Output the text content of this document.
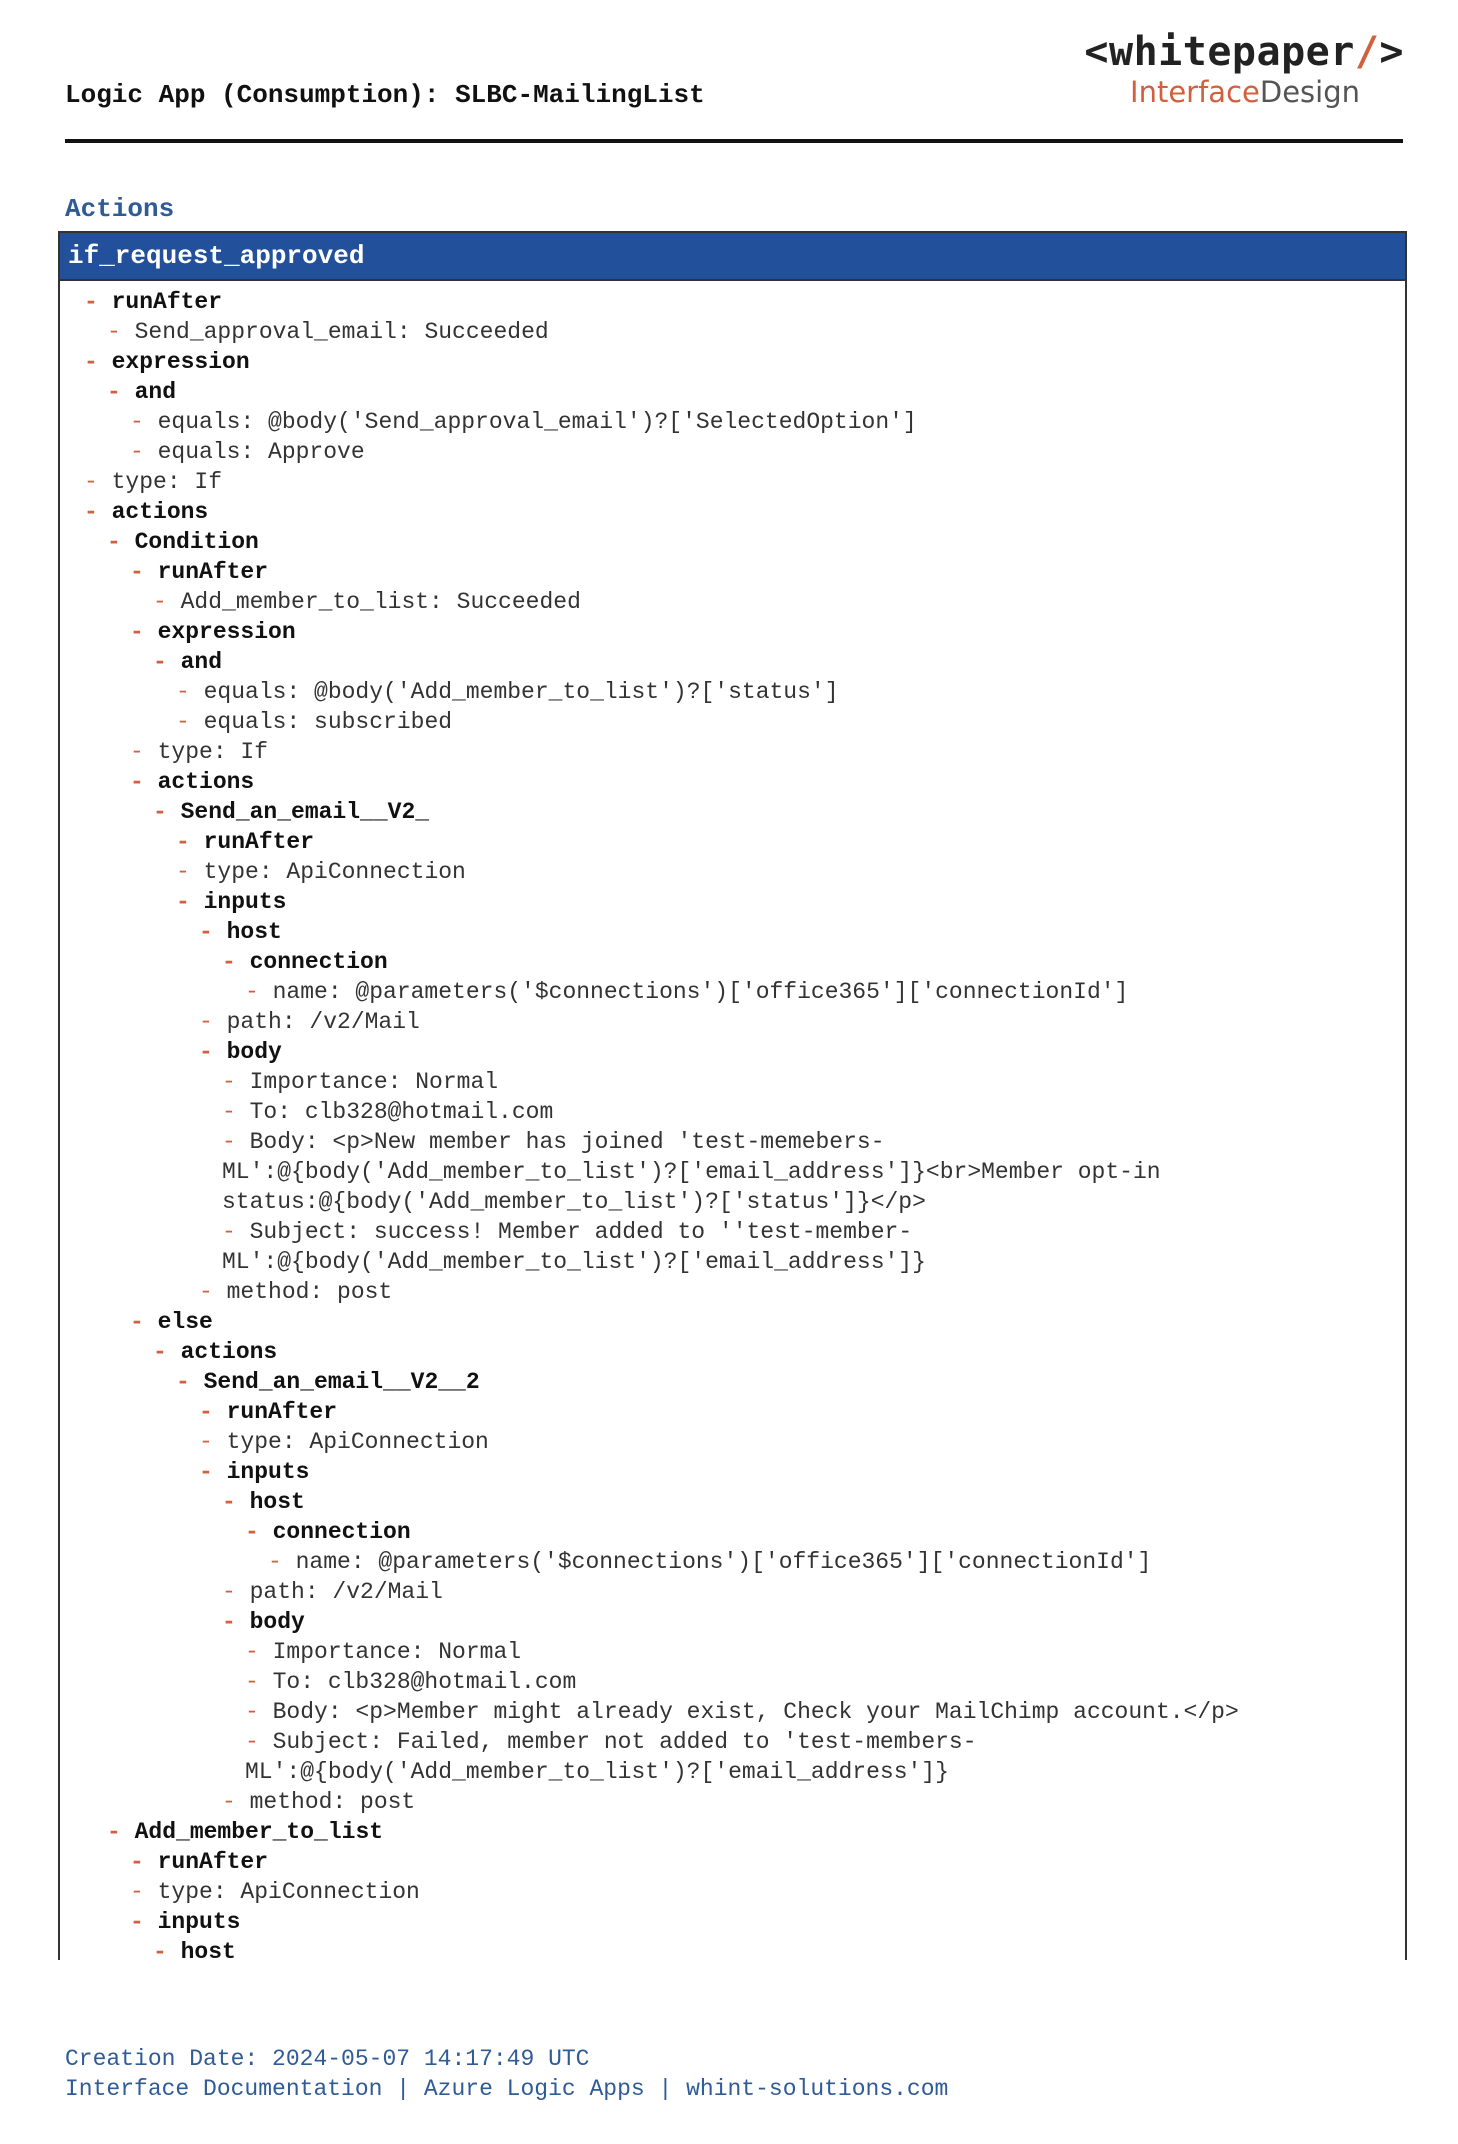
Logic App (Consumption): SLBC-MailingList
<whitepaper/>
InterfaceDesign
Actions
if_request_approved
- runAfter
- Send_approval_email: Succeeded
- expression
- and
- equals: @body('Send_approval_email')?['SelectedOption']
- equals: Approve
- type: If
- actions
- Condition
- runAfter
- Add_member_to_list: Succeeded
- expression
- and
- equals: @body('Add_member_to_list')?['status']
- equals: subscribed
- type: If
- actions
- Send_an_email__V2_
- runAfter
- type: ApiConnection
- inputs
- host
- connection
- name: @parameters('$connections')['office365']['connectionId']
- path: /v2/Mail
- body
- Importance: Normal
- To: clb328@hotmail.com
- Body: <p>New member has joined 'test-memebers-
ML':@{body('Add_member_to_list')?['email_address']}<br>Member opt-in
status:@{body('Add_member_to_list')?['status']}</p>
- Subject: success! Member added to ''test-member-
ML':@{body('Add_member_to_list')?['email_address']}
- method: post
- else
- actions
- Send_an_email__V2__2
- runAfter
- type: ApiConnection
- inputs
- host
- connection
- name: @parameters('$connections')['office365']['connectionId']
- path: /v2/Mail
- body
- Importance: Normal
- To: clb328@hotmail.com
- Body: <p>Member might already exist, Check your MailChimp account.</p>
- Subject: Failed, member not added to 'test-members-
ML':@{body('Add_member_to_list')?['email_address']}
- method: post
- Add_member_to_list
- runAfter
- type: ApiConnection
- inputs
- host
Creation Date: 2024-05-07 14:17:49 UTC
Interface Documentation | Azure Logic Apps | whint-solutions.com
